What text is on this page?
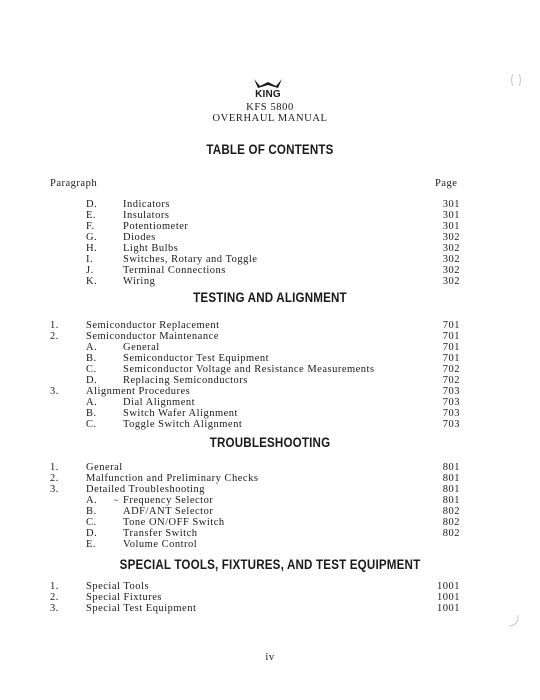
KING
KFS 5800
OVERHAUL MANUAL
TABLE OF CONTENTS
Paragraph	Page
D. Indicators	301
E.	Insulators	301
F.	Potentiometer	301
G. Diodes	302
H. Light Bulbs	302
I.	Switches, Rotary and Toggle	302
J.	Terminal Connections	302
K. Wiring	302
TESTING AND ALIGNMENT
1.	Semiconductor Replacement	701
2.	Semiconductor Maintenance	701
A. General	701
B.	Semiconductor Test Equipment	701
C.	Semiconductor Voltage and Resistance Measurements	702
D. Replacing Semiconductors	702
3.	Alignment Procedures	703
A. Dial Alignment	703
B.	Switch Wafer Alignment	703
C.	Toggle Switch Alignment	703
TROUBLESHOOTING
1.	General	801
2.	Malfunction and Preliminary Checks	801
3.	Detailed Troubleshooting	801
A. ~ Frequency Selector	801
B.	ADF/ANT Selector	802
C.	Tone ON/OFF Switch	802
D. Transfer Switch	802
E.	Volume Control
SPECIAL TOOLS, FIXTURES, AND TEST EQUIPMENT
1.	Special Tools	1001
2.	Special Fixtures	1001
3.	Special Test Equipment	1001
iv
